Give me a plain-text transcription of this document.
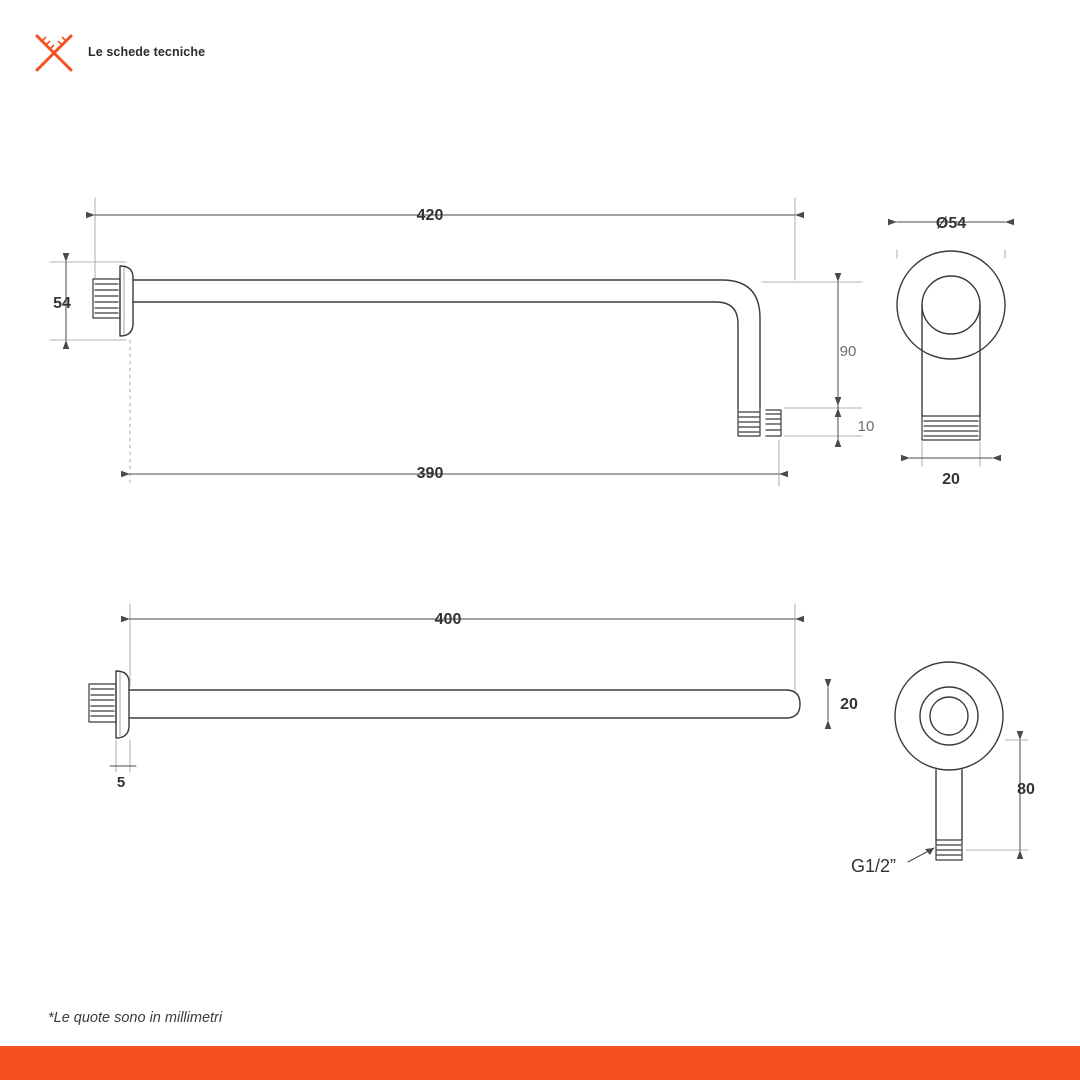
Le schede tecniche
420
54
90
10
390
Ø54
20
400
20
5	80
G1/2”
*Le quote sono in millimetri
